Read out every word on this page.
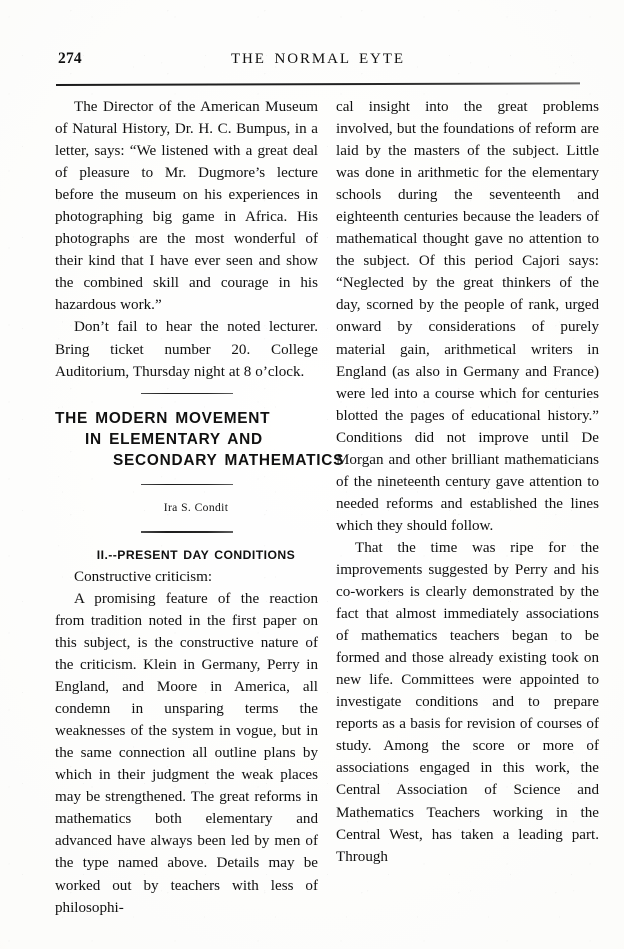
274	THE NORMAL EYTE

The Director of the American Museum of Natural History, Dr. H. C. Bumpus, in a letter, says: “We listened with a great deal of pleasure to Mr. Dugmore’s lecture before the museum on his experiences in photographing big game in Africa. His photographs are the most wonderful of their kind that I have ever seen and show the combined skill and courage in his hazardous work.”

Don’t fail to hear the noted lecturer. Bring ticket number 20. College Auditorium, Thursday night at 8 o’clock.

THE MODERN MOVEMENT
IN ELEMENTARY AND
SECONDARY MATHEMATICS

Ira S. Condit

II.--PRESENT DAY CONDITIONS

Constructive criticism:

A promising feature of the reaction from tradition noted in the first paper on this subject, is the constructive nature of the criticism. Klein in Germany, Perry in England, and Moore in America, all condemn in unsparing terms the weaknesses of the system in vogue, but in the same connection all outline plans by which in their judgment the weak places may be strengthened. The great reforms in mathematics both elementary and advanced have always been led by men of the type named above. Details may be worked out by teachers with less of philosophi-

cal insight into the great problems involved, but the foundations of reform are laid by the masters of the subject. Little was done in arithmetic for the elementary schools during the seventeenth and eighteenth centuries because the leaders of mathematical thought gave no attention to the subject. Of this period Cajori says: “Neglected by the great thinkers of the day, scorned by the people of rank, urged onward by considerations of purely material gain, arithmetical writers in England (as also in Germany and France) were led into a course which for centuries blotted the pages of educational history.” Conditions did not improve until De Morgan and other brilliant mathematicians of the nineteenth century gave attention to needed reforms and established the lines which they should follow.

That the time was ripe for the improvements suggested by Perry and his co-workers is clearly demonstrated by the fact that almost immediately associations of mathematics teachers began to be formed and those already existing took on new life. Committees were appointed to investigate conditions and to prepare reports as a basis for revision of courses of study. Among the score or more of associations engaged in this work, the Central Association of Science and Mathematics Teachers working in the Central West, has taken a leading part. Through
